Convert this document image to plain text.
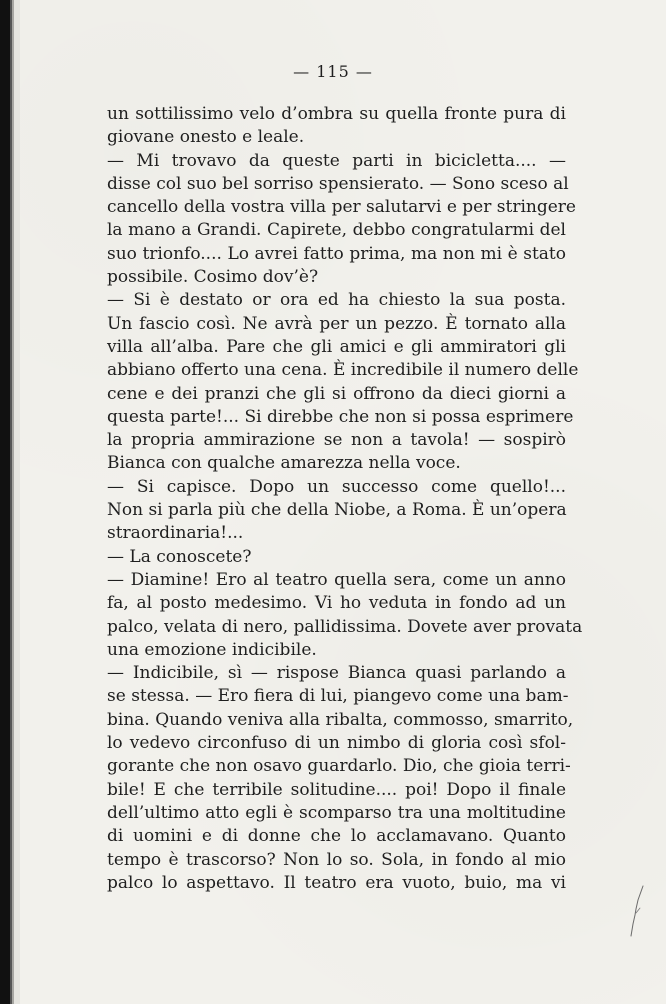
— 115 —
un sottilissimo velo d’ombra su quella fronte pura di
giovane onesto e leale.
— Mi trovavo da queste parti in bicicletta.... —
disse col suo bel sorriso spensierato. — Sono sceso al
cancello della vostra villa per salutarvi e per stringere
la mano a Grandi. Capirete, debbo congratularmi del
suo trionfo.... Lo avrei fatto prima, ma non mi è stato
possibile. Cosimo dov’è?
— Si è destato or ora ed ha chiesto la sua posta.
Un fascio così. Ne avrà per un pezzo. È tornato alla
villa all’alba. Pare che gli amici e gli ammiratori gli
abbiano offerto una cena. È incredibile il numero delle
cene e dei pranzi che gli si offrono da dieci giorni a
questa parte!... Si direbbe che non si possa esprimere
la propria ammirazione se non a tavola! — sospirò
Bianca con qualche amarezza nella voce.
— Si capisce. Dopo un successo come quello!...
Non si parla più che della Niobe, a Roma. È un’opera
straordinaria!...
— La conoscete?
— Diamine! Ero al teatro quella sera, come un anno
fa, al posto medesimo. Vi ho veduta in fondo ad un
palco, velata di nero, pallidissima. Dovete aver provata
una emozione indicibile.
— Indicibile, sì — rispose Bianca quasi parlando a
se stessa. — Ero fiera di lui, piangevo come una bam-
bina. Quando veniva alla ribalta, commosso, smarrito,
lo vedevo circonfuso di un nimbo di gloria così sfol-
gorante che non osavo guardarlo. Dio, che gioia terri-
bile! E che terribile solitudine.... poi! Dopo il finale
dell’ultimo atto egli è scomparso tra una moltitudine
di uomini e di donne che lo acclamavano. Quanto
tempo è trascorso? Non lo so. Sola, in fondo al mio
palco lo aspettavo. Il teatro era vuoto, buio, ma vi
